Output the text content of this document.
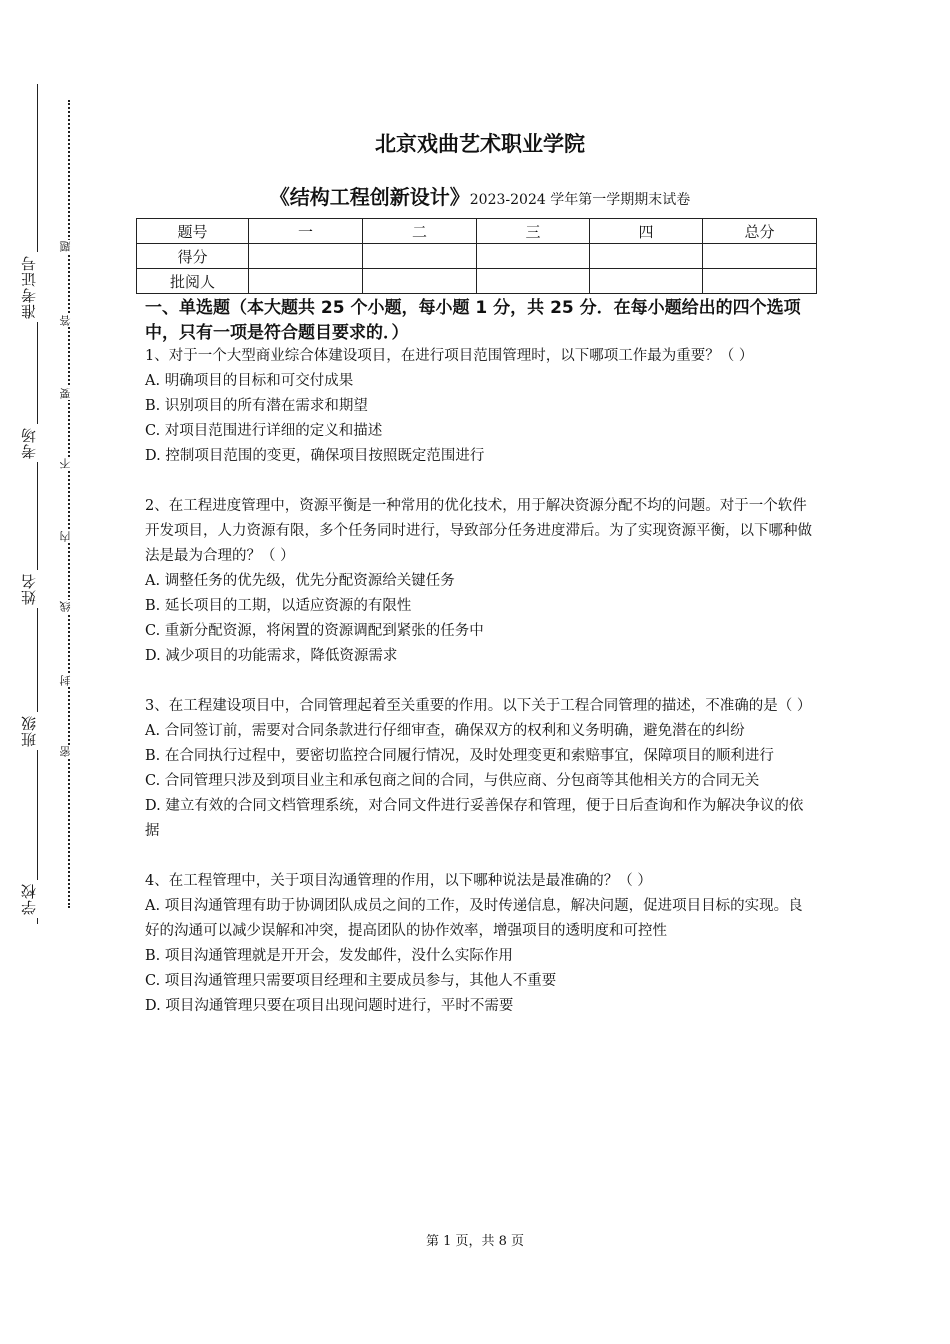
准考证号
考场
姓名
班级
学校
题
答
要
不
内
线
封
密
北京戏曲艺术职业学院
《结构工程创新设计》2023-2024 学年第一学期期末试卷
题号	一	二	三	四	总分
得分					
批阅人					
一、单选题（本大题共 25 个小题，每小题 1 分，共 25 分．在每小题给出的四个选项中，只有一项是符合题目要求的．）

1、对于一个大型商业综合体建设项目，在进行项目范围管理时，以下哪项工作最为重要？（ ）

A. 明确项目的目标和可交付成果

B. 识别项目的所有潜在需求和期望

C. 对项目范围进行详细的定义和描述

D. 控制项目范围的变更，确保项目按照既定范围进行

2、在工程进度管理中，资源平衡是一种常用的优化技术，用于解决资源分配不均的问题。对于一个软件开发项目，人力资源有限，多个任务同时进行，导致部分任务进度滞后。为了实现资源平衡，以下哪种做法是最为合理的？（ ）

A. 调整任务的优先级，优先分配资源给关键任务

B. 延长项目的工期，以适应资源的有限性

C. 重新分配资源，将闲置的资源调配到紧张的任务中

D. 减少项目的功能需求，降低资源需求

3、在工程建设项目中，合同管理起着至关重要的作用。以下关于工程合同管理的描述，不准确的是（ ）

A. 合同签订前，需要对合同条款进行仔细审查，确保双方的权利和义务明确，避免潜在的纠纷

B. 在合同执行过程中，要密切监控合同履行情况，及时处理变更和索赔事宜，保障项目的顺利进行

C. 合同管理只涉及到项目业主和承包商之间的合同，与供应商、分包商等其他相关方的合同无关

D. 建立有效的合同文档管理系统，对合同文件进行妥善保存和管理，便于日后查询和作为解决争议的依据

4、在工程管理中，关于项目沟通管理的作用，以下哪种说法是最准确的？（ ）

A. 项目沟通管理有助于协调团队成员之间的工作，及时传递信息，解决问题，促进项目目标的实现。良好的沟通可以减少误解和冲突，提高团队的协作效率，增强项目的透明度和可控性

B. 项目沟通管理就是开开会，发发邮件，没什么实际作用

C. 项目沟通管理只需要项目经理和主要成员参与，其他人不重要

D. 项目沟通管理只要在项目出现问题时进行，平时不需要

第 1 页，共 8 页
